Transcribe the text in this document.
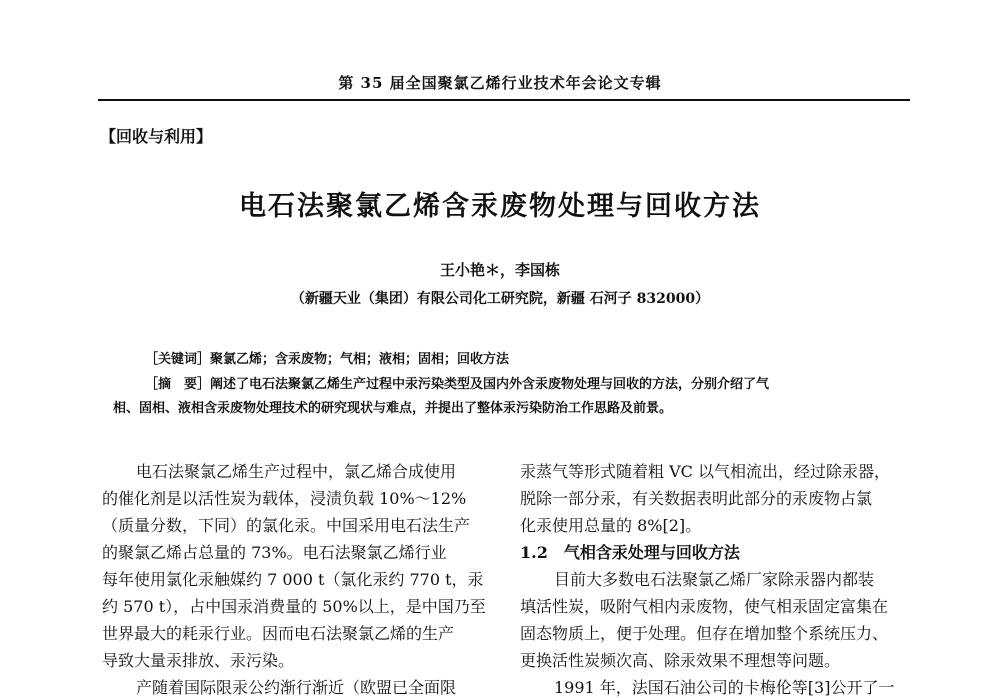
第 35 届全国聚氯乙烯行业技术年会论文专辑
【回收与利用】
电石法聚氯乙烯含汞废物处理与回收方法
王小艳＊，李国栋
（新疆天业（集团）有限公司化工研究院，新疆 石河子 832000）
［关键词］聚氯乙烯；含汞废物；气相；液相；固相；回收方法
［摘　要］阐述了电石法聚氯乙烯生产过程中汞污染类型及国内外含汞废物处理与回收的方法，分别介绍了气
相、固相、液相含汞废物处理技术的研究现状与难点，并提出了整体汞污染防治工作思路及前景。
电石法聚氯乙烯生产过程中，氯乙烯合成使用
的催化剂是以活性炭为载体，浸渍负载 10%～12%
（质量分数，下同）的氯化汞。中国采用电石法生产
的聚氯乙烯占总量的 73%。电石法聚氯乙烯行业
每年使用氯化汞触媒约 7 000 t（氯化汞约 770 t，汞
约 570 t），占中国汞消费量的 50%以上，是中国乃至
世界最大的耗汞行业。因而电石法聚氯乙烯的生产
导致大量汞排放、汞污染。
产随着国际限汞公约渐行渐近（欧盟已全面限
汞蒸气等形式随着粗 VC 以气相流出，经过除汞器，
脱除一部分汞，有关数据表明此部分的汞废物占氯
化汞使用总量的 8%[2]。
1.2　气相含汞处理与回收方法
目前大多数电石法聚氯乙烯厂家除汞器内都装
填活性炭，吸附气相内汞废物，使气相汞固定富集在
固态物质上，便于处理。但存在增加整个系统压力、
更换活性炭频次高、除汞效果不理想等问题。
1991 年，法国石油公司的卡梅伦等[3]公开了一
